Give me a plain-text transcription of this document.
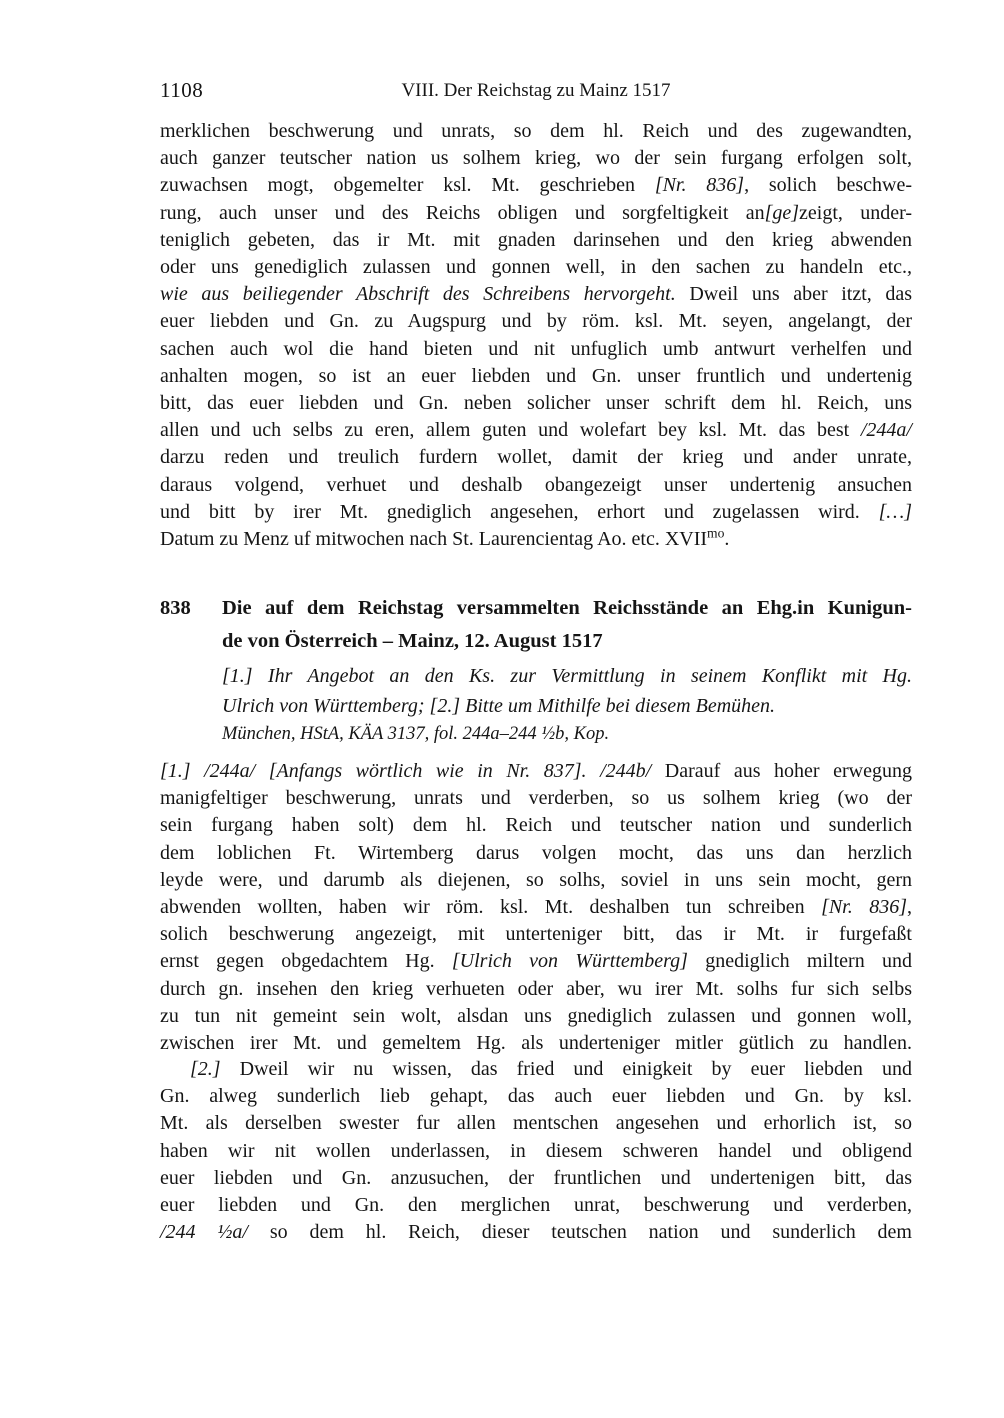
1108	VIII. Der Reichstag zu Mainz 1517
merklichen beschwerung und unrats, so dem hl. Reich und des zugewandten,
auch ganzer teutscher nation us solhem krieg, wo der sein furgang erfolgen solt,
zuwachsen mogt, obgemelter ksl. Mt. geschrieben [Nr. 836], solich beschwe-
rung, auch unser und des Reichs obligen und sorgfeltigkeit an[ge]zeigt, under-
teniglich gebeten, das ir Mt. mit gnaden darinsehen und den krieg abwenden
oder uns genediglich zulassen und gonnen well, in den sachen zu handeln etc.,
wie aus beiliegender Abschrift des Schreibens hervorgeht. Dweil uns aber itzt, das
euer liebden und Gn. zu Augspurg und by röm. ksl. Mt. seyen, angelangt, der
sachen auch wol die hand bieten und nit unfuglich umb antwurt verhelfen und
anhalten mogen, so ist an euer liebden und Gn. unser fruntlich und undertenig
bitt, das euer liebden und Gn. neben solicher unser schrift dem hl. Reich, uns
allen und uch selbs zu eren, allem guten und wolefart bey ksl. Mt. das best /244a/
darzu reden und treulich furdern wollet, damit der krieg und ander unrate,
daraus volgend, verhuet und deshalb obangezeigt unser undertenig ansuchen
und bitt by irer Mt. gnediglich angesehen, erhort und zugelassen wird. […]
Datum zu Menz uf mitwochen nach St. Laurencientag Ao. etc. $XVII^{mo}$.
838	Die auf dem Reichstag versammelten Reichsstände an Ehg.in Kunigun-
de von Österreich – Mainz, 12. August 1517
[1.] Ihr Angebot an den Ks. zur Vermittlung in seinem Konflikt mit Hg.
Ulrich von Württemberg; [2.] Bitte um Mithilfe bei diesem Bemühen.
München, HStA, KÄA 3137, fol. 244a–244 ½b, Kop.
[1.] /244a/ [Anfangs wörtlich wie in Nr. 837]. /244b/ Darauf aus hoher erwegung
manigfeltiger beschwerung, unrats und verderben, so us solhem krieg (wo der
sein furgang haben solt) dem hl. Reich und teutscher nation und sunderlich
dem loblichen Ft. Wirtemberg darus volgen mocht, das uns dan herzlich
leyde were, und darumb als diejenen, so solhs, soviel in uns sein mocht, gern
abwenden wollten, haben wir röm. ksl. Mt. deshalben tun schreiben [Nr. 836],
solich beschwerung angezeigt, mit unterteniger bitt, das ir Mt. ir furgefaßt
ernst gegen obgedachtem Hg. [Ulrich von Württemberg] gnediglich miltern und
durch gn. insehen den krieg verhueten oder aber, wu irer Mt. solhs fur sich selbs
zu tun nit gemeint sein wolt, alsdan uns gnediglich zulassen und gonnen woll,
zwischen irer Mt. und gemeltem Hg. als underteniger mitler gütlich zu handlen.
[2.] Dweil wir nu wissen, das fried und einigkeit by euer liebden und
Gn. alweg sunderlich lieb gehapt, das auch euer liebden und Gn. by ksl.
Mt. als derselben swester fur allen mentschen angesehen und erhorlich ist, so
haben wir nit wollen underlassen, in diesem schweren handel und obligend
euer liebden und Gn. anzusuchen, der fruntlichen und undertenigen bitt, das
euer liebden und Gn. den merglichen unrat, beschwerung und verderben,
/244 ½a/ so dem hl. Reich, dieser teutschen nation und sunderlich dem
